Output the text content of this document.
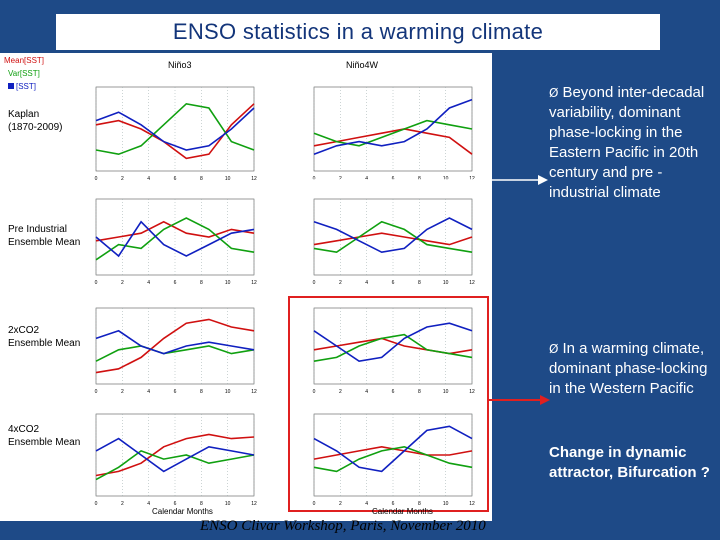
ENSO statistics in a warming climate
Mean[SST]
Var[SST]
[SST]
Niño3	Niño4W
Kaplan
(1870-2009)
Pre Industrial
Ensemble Mean
2xCO2
Ensemble Mean
4xCO2
Ensemble Mean
0	2	4	6	8	10	12	0	2	4	6	8	10	12
0	2	4	6	8	10	12	0	2	4	6	8	10	12
0	2	4	6	8	10	12	0	2	4	6	8	10	12
0	2	4	6	8	10	12	0	2	4	6	8	10	12
Calendar Months	Calendar Months
Ø Beyond inter-decadal variability, dominant phase-locking in the Eastern Pacific in 20th century and pre -industrial climate
Ø In a warming climate, dominant phase-locking in the Western Pacific
Change in dynamic attractor, Bifurcation ?
ENSO Clivar Workshop, Paris, November 2010
